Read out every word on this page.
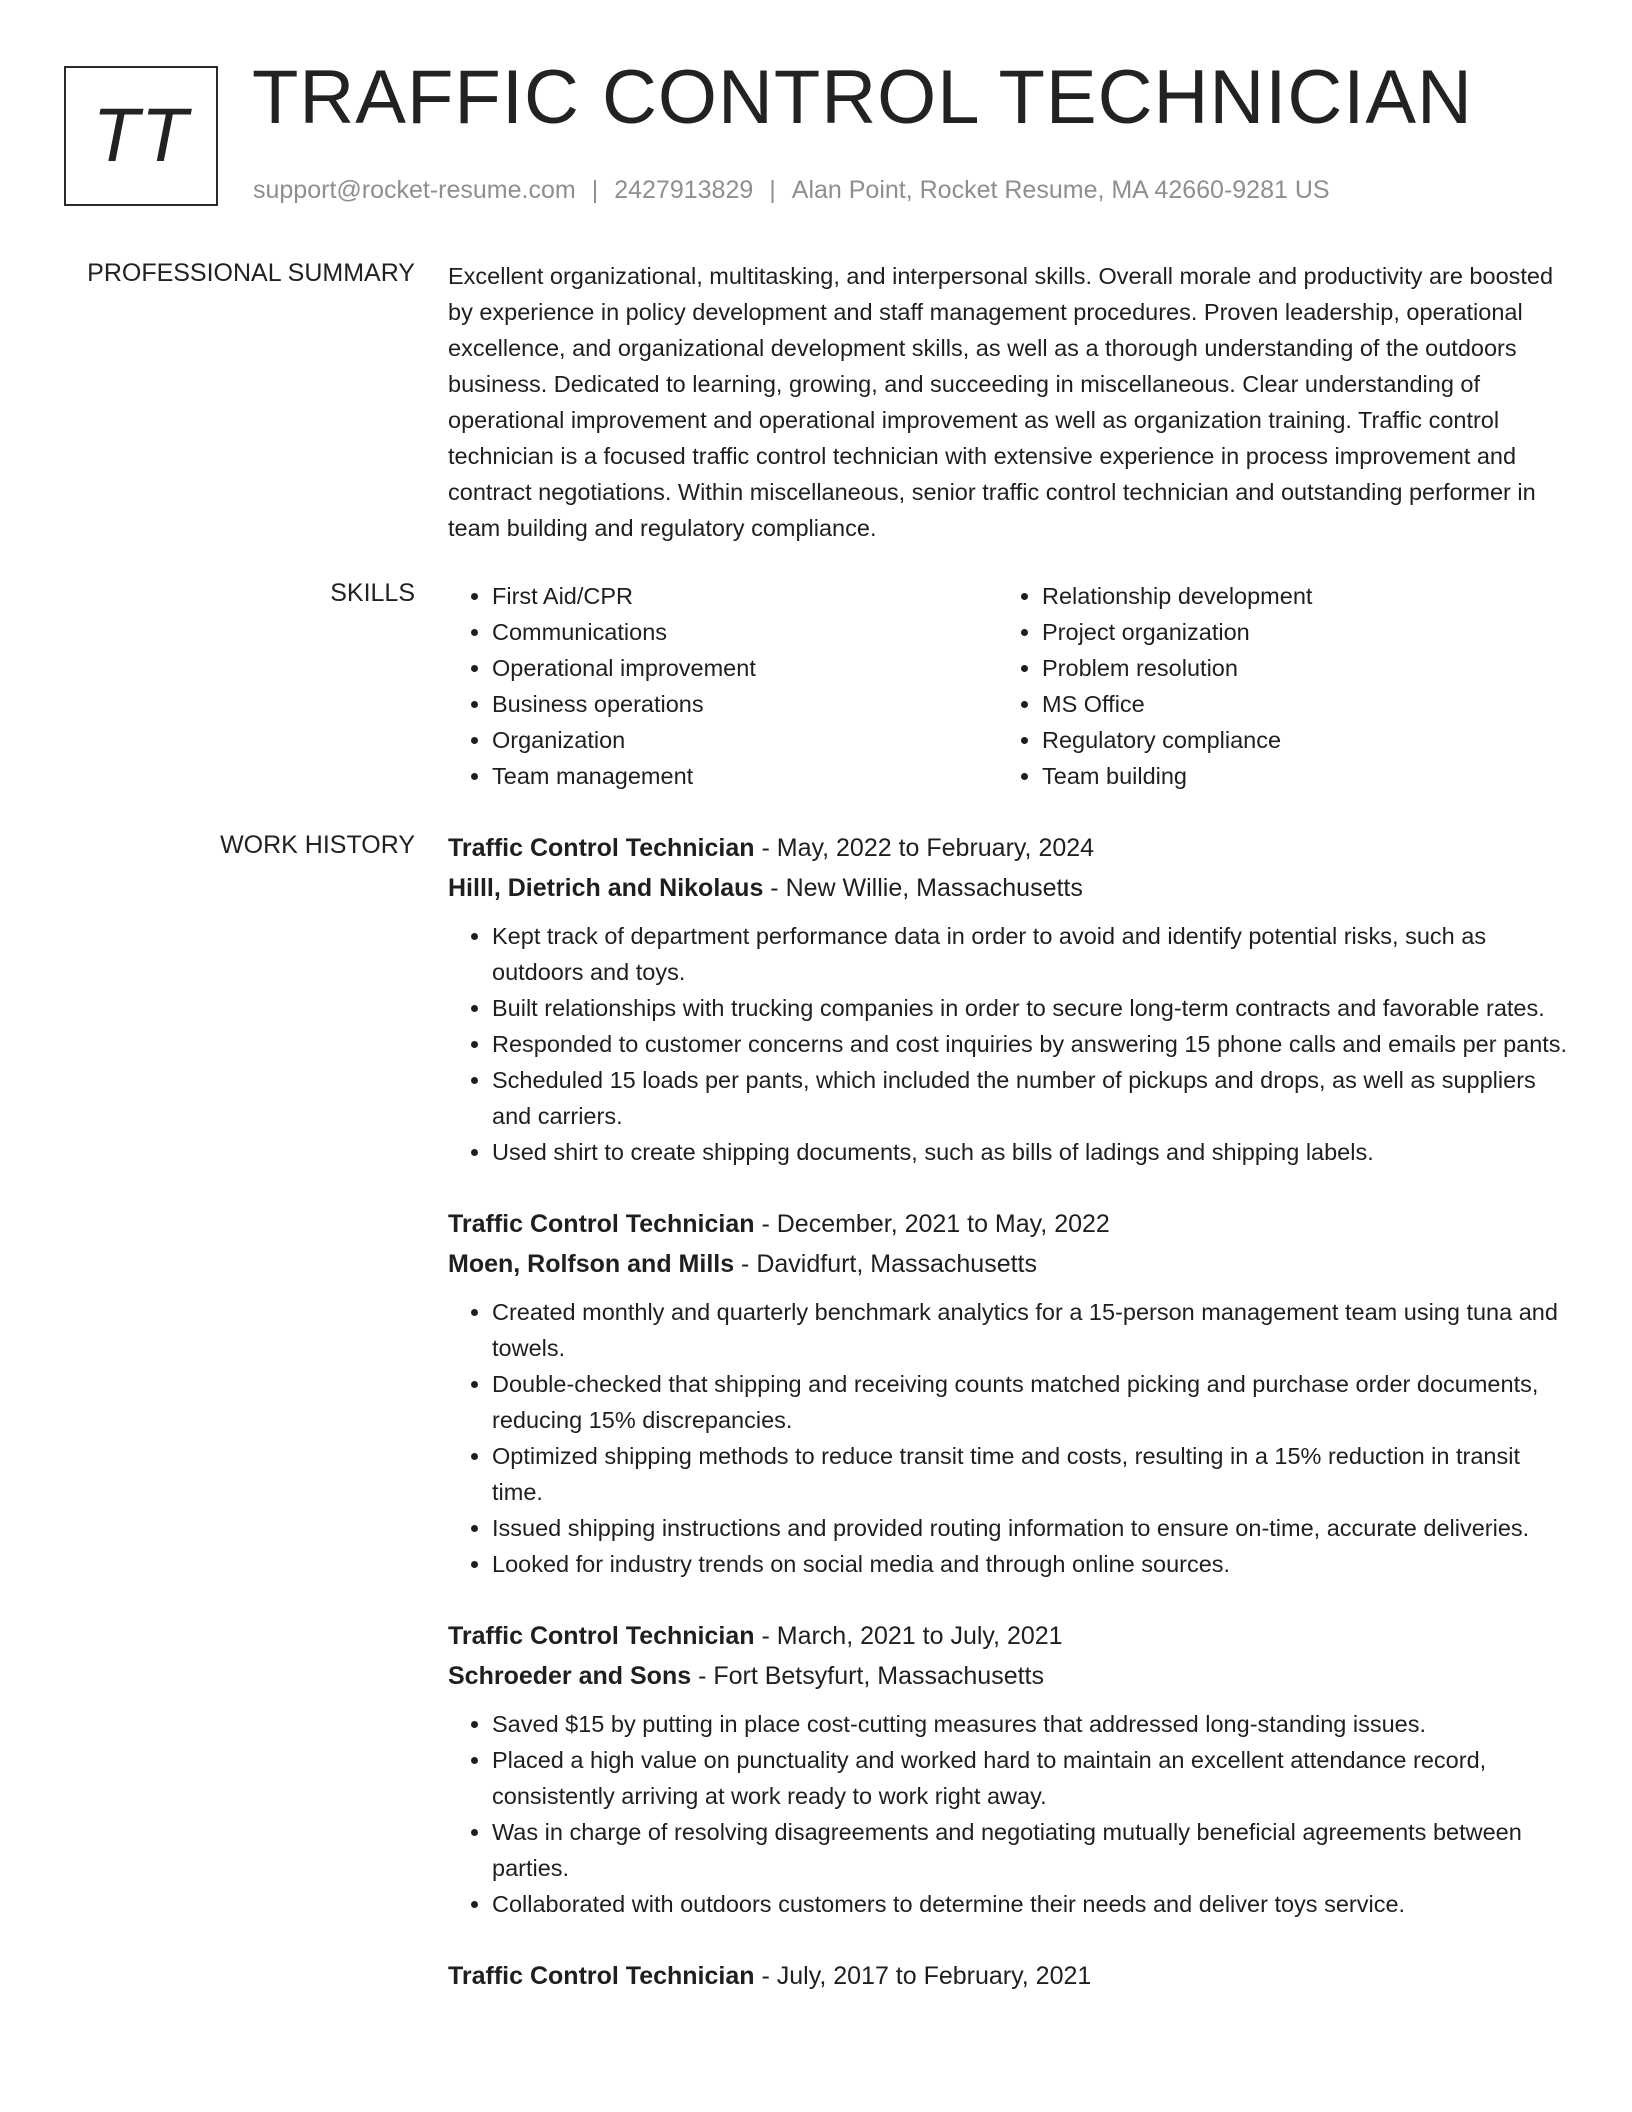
TT TRAFFIC CONTROL TECHNICIAN
support@rocket-resume.com | 2427913829 | Alan Point, Rocket Resume, MA 42660-9281 US
PROFESSIONAL SUMMARY Excellent organizational, multitasking, and interpersonal skills. Overall morale and productivity are boosted by experience in policy development and staff management procedures. Proven leadership, operational excellence, and organizational development skills, as well as a thorough understanding of the outdoors business. Dedicated to learning, growing, and succeeding in miscellaneous. Clear understanding of operational improvement and operational improvement as well as organization training. Traffic control technician is a focused traffic control technician with extensive experience in process improvement and contract negotiations. Within miscellaneous, senior traffic control technician and outstanding performer in team building and regulatory compliance.

SKILLS
•	First Aid/CPR
• Communications
• Operational improvement
• Business operations
• Organization
• Team management
• Relationship development
• Project organization
• Problem resolution
• MS Office
• Regulatory compliance
• Team building
WORK HISTORY Traffic Control Technician - May, 2022 to February, 2024
Hilll, Dietrich and Nikolaus - New Willie, Massachusetts
• Kept track of department performance data in order to avoid and identify potential risks, such as outdoors and toys.
• Built relationships with trucking companies in order to secure long-term contracts and favorable rates.
• Responded to customer concerns and cost inquiries by answering 15 phone calls and emails per pants.
• Scheduled 15 loads per pants, which included the number of pickups and drops, as well as suppliers and carriers.
• Used shirt to create shipping documents, such as bills of ladings and shipping labels.
Traffic Control Technician - December, 2021 to May, 2022
Moen, Rolfson and Mills - Davidfurt, Massachusetts
• Created monthly and quarterly benchmark analytics for a 15-person management team using tuna and towels.
• Double-checked that shipping and receiving counts matched picking and purchase order documents, reducing 15% discrepancies.
• Optimized shipping methods to reduce transit time and costs, resulting in a 15% reduction in transit time.
• Issued shipping instructions and provided routing information to ensure on-time, accurate deliveries.
• Looked for industry trends on social media and through online sources.
Traffic Control Technician - March, 2021 to July, 2021
Schroeder and Sons - Fort Betsyfurt, Massachusetts
• Saved $15 by putting in place cost-cutting measures that addressed long-standing issues.
• Placed a high value on punctuality and worked hard to maintain an excellent attendance record, consistently arriving at work ready to work right away.
• Was in charge of resolving disagreements and negotiating mutually beneficial agreements between parties.
• Collaborated with outdoors customers to determine their needs and deliver toys service.
Traffic Control Technician - July, 2017 to February, 2021
